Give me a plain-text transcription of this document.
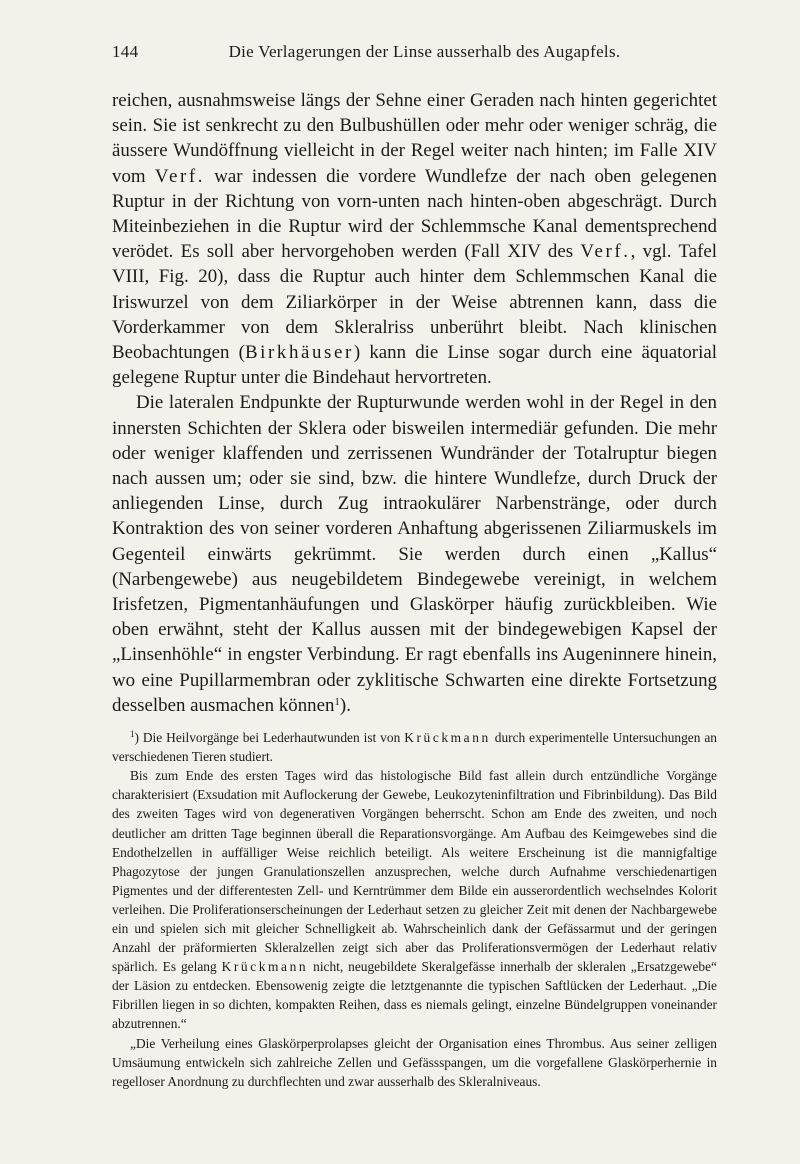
144	Die Verlagerungen der Linse ausserhalb des Augapfels.

reichen, ausnahmsweise längs der Sehne einer Geraden nach hinten gegerichtet sein. Sie ist senkrecht zu den Bulbushüllen oder mehr oder weniger schräg, die äussere Wundöffnung vielleicht in der Regel weiter nach hinten; im Falle XIV vom Verf. war indessen die vordere Wundlefze der nach oben gelegenen Ruptur in der Richtung von vorn-unten nach hinten-oben abgeschrägt. Durch Miteinbeziehen in die Ruptur wird der Schlemmsche Kanal dementsprechend verödet. Es soll aber hervorgehoben werden (Fall XIV des Verf., vgl. Tafel VIII, Fig. 20), dass die Ruptur auch hinter dem Schlemmschen Kanal die Iriswurzel von dem Ziliarkörper in der Weise abtrennen kann, dass die Vorderkammer von dem Skleralriss unberührt bleibt. Nach klinischen Beobachtungen (Birkhäuser) kann die Linse sogar durch eine äquatorial gelegene Ruptur unter die Bindehaut hervortreten.

Die lateralen Endpunkte der Rupturwunde werden wohl in der Regel in den innersten Schichten der Sklera oder bisweilen intermediär gefunden. Die mehr oder weniger klaffenden und zerrissenen Wundränder der Totalruptur biegen nach aussen um; oder sie sind, bzw. die hintere Wundlefze, durch Druck der anliegenden Linse, durch Zug intraokulärer Narbenstränge, oder durch Kontraktion des von seiner vorderen Anhaftung abgerissenen Ziliarmuskels im Gegenteil einwärts gekrümmt. Sie werden durch einen „Kallus“ (Narbengewebe) aus neugebildetem Bindegewebe vereinigt, in welchem Irisfetzen, Pigmentanhäufungen und Glaskörper häufig zurückbleiben. Wie oben erwähnt, steht der Kallus aussen mit der bindegewebigen Kapsel der „Linsenhöhle“ in engster Verbindung. Er ragt ebenfalls ins Augeninnere hinein, wo eine Pupillarmembran oder zyklitische Schwarten eine direkte Fortsetzung desselben ausmachen können$^1$).

$^1$) Die Heilvorgänge bei Lederhautwunden ist von Krückmann durch experimentelle Untersuchungen an verschiedenen Tieren studiert.

Bis zum Ende des ersten Tages wird das histologische Bild fast allein durch entzündliche Vorgänge charakterisiert (Exsudation mit Auflockerung der Gewebe, Leukozyteninfiltration und Fibrinbildung). Das Bild des zweiten Tages wird von degenerativen Vorgängen beherrscht. Schon am Ende des zweiten, und noch deutlicher am dritten Tage beginnen überall die Reparationsvorgänge. Am Aufbau des Keimgewebes sind die Endothelzellen in auffälliger Weise reichlich beteiligt. Als weitere Erscheinung ist die mannigfaltige Phagozytose der jungen Granulationszellen anzusprechen, welche durch Aufnahme verschiedenartigen Pigmentes und der differentesten Zell- und Kerntrümmer dem Bilde ein ausserordentlich wechselndes Kolorit verleihen. Die Proliferationserscheinungen der Lederhaut setzen zu gleicher Zeit mit denen der Nachbargewebe ein und spielen sich mit gleicher Schnelligkeit ab. Wahrscheinlich dank der Gefässarmut und der geringen Anzahl der präformierten Skleralzellen zeigt sich aber das Proliferationsvermögen der Lederhaut relativ spärlich. Es gelang Krückmann nicht, neugebildete Skeralgefässe innerhalb der skleralen „Ersatzgewebe“ der Läsion zu entdecken. Ebensowenig zeigte die letztgenannte die typischen Saftlücken der Lederhaut. „Die Fibrillen liegen in so dichten, kompakten Reihen, dass es niemals gelingt, einzelne Bündelgruppen voneinander abzutrennen.“

„Die Verheilung eines Glaskörperprolapses gleicht der Organisation eines Thrombus. Aus seiner zelligen Umsäumung entwickeln sich zahlreiche Zellen und Gefässspangen, um die vorgefallene Glaskörperhernie in regelloser Anordnung zu durchflechten und zwar ausserhalb des Skleralniveaus.
